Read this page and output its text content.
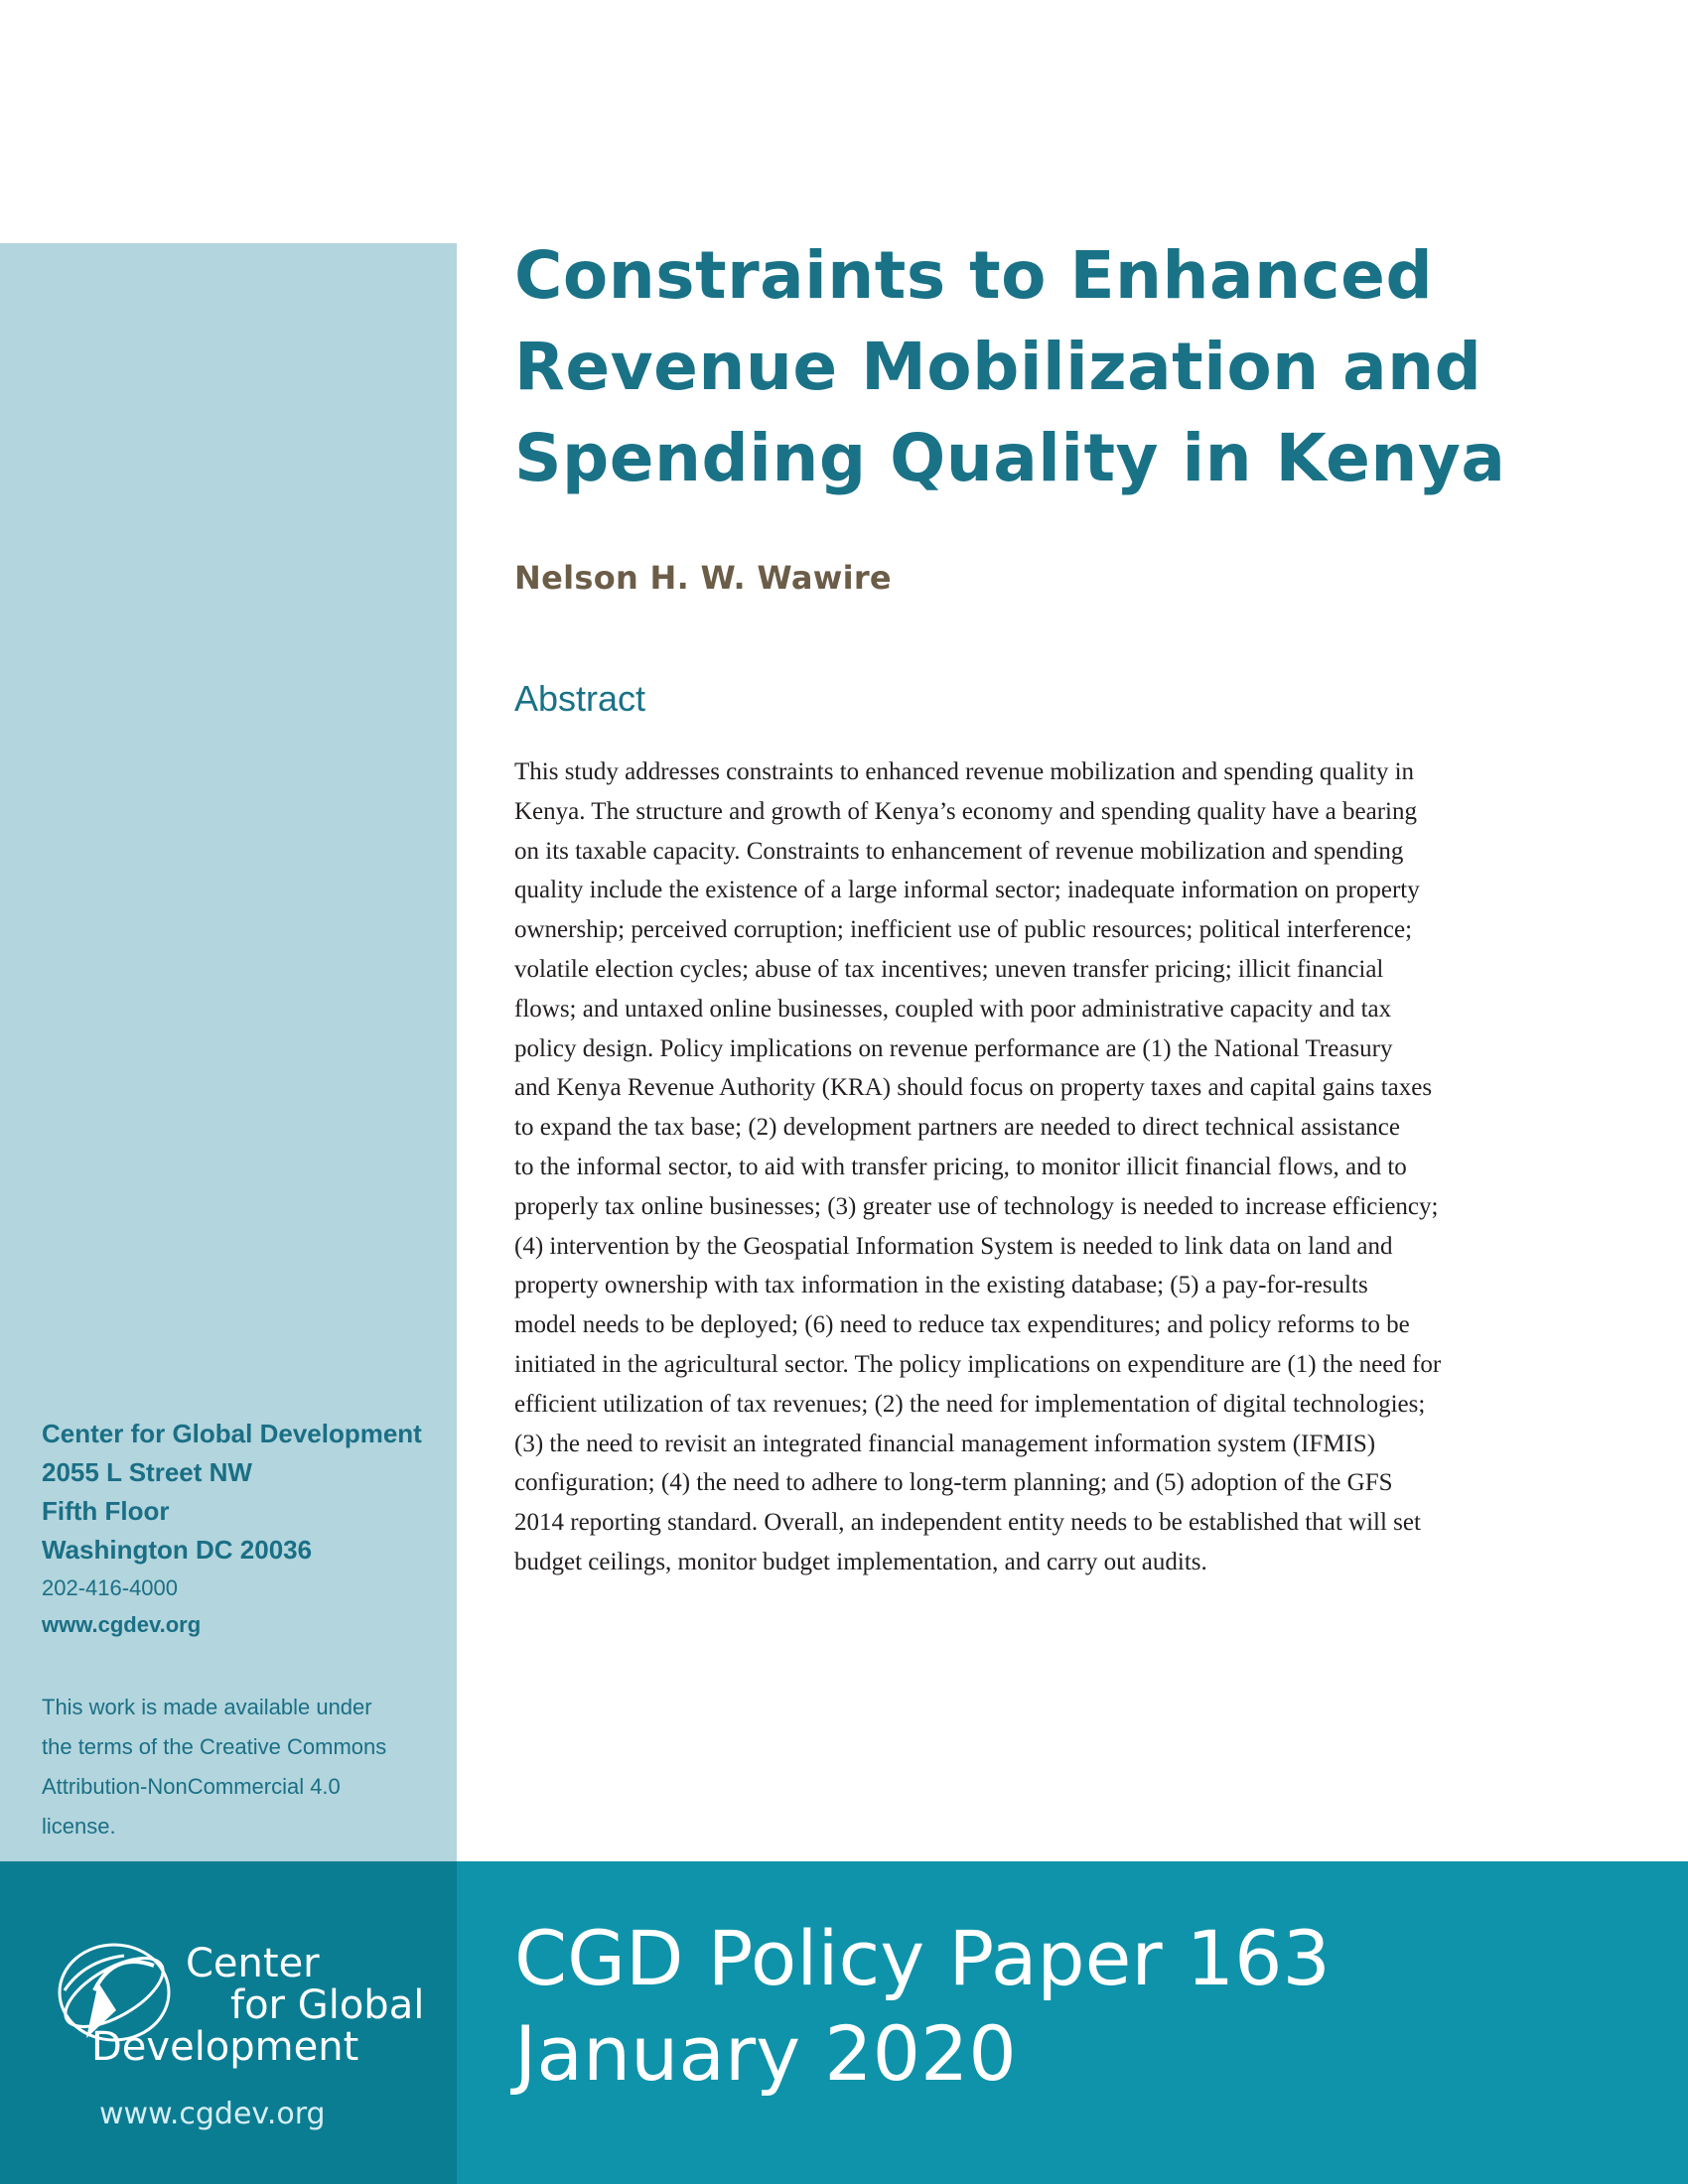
Constraints to Enhanced
Revenue Mobilization and
Spending Quality in Kenya
Nelson H. W. Wawire
Abstract
This study addresses constraints to enhanced revenue mobilization and spending quality in
Kenya. The structure and growth of Kenya’s economy and spending quality have a bearing
on its taxable capacity. Constraints to enhancement of revenue mobilization and spending
quality include the existence of a large informal sector; inadequate information on property
ownership; perceived corruption; inefficient use of public resources; political interference;
volatile election cycles; abuse of tax incentives; uneven transfer pricing; illicit financial
flows; and untaxed online businesses, coupled with poor administrative capacity and tax
policy design. Policy implications on revenue performance are (1) the National Treasury
and Kenya Revenue Authority (KRA) should focus on property taxes and capital gains taxes
to expand the tax base; (2) development partners are needed to direct technical assistance
to the informal sector, to aid with transfer pricing, to monitor illicit financial flows, and to
properly tax online businesses; (3) greater use of technology is needed to increase efficiency;
(4) intervention by the Geospatial Information System is needed to link data on land and
property ownership with tax information in the existing database; (5) a pay-for-results
model needs to be deployed; (6) need to reduce tax expenditures; and policy reforms to be
initiated in the agricultural sector. The policy implications on expenditure are (1) the need for
efficient utilization of tax revenues; (2) the need for implementation of digital technologies;
(3) the need to revisit an integrated financial management information system (IFMIS)
configuration; (4) the need to adhere to long-term planning; and (5) adoption of the GFS
2014 reporting standard. Overall, an independent entity needs to be established that will set
budget ceilings, monitor budget implementation, and carry out audits.
Center for Global Development
2055 L Street NW
Fifth Floor
Washington DC 20036
202-416-4000
www.cgdev.org
This work is made available under
the terms of the Creative Commons
Attribution-NonCommercial 4.0
license.
Center
for Global
Development
www.cgdev.org
CGD Policy Paper 163
January 2020
